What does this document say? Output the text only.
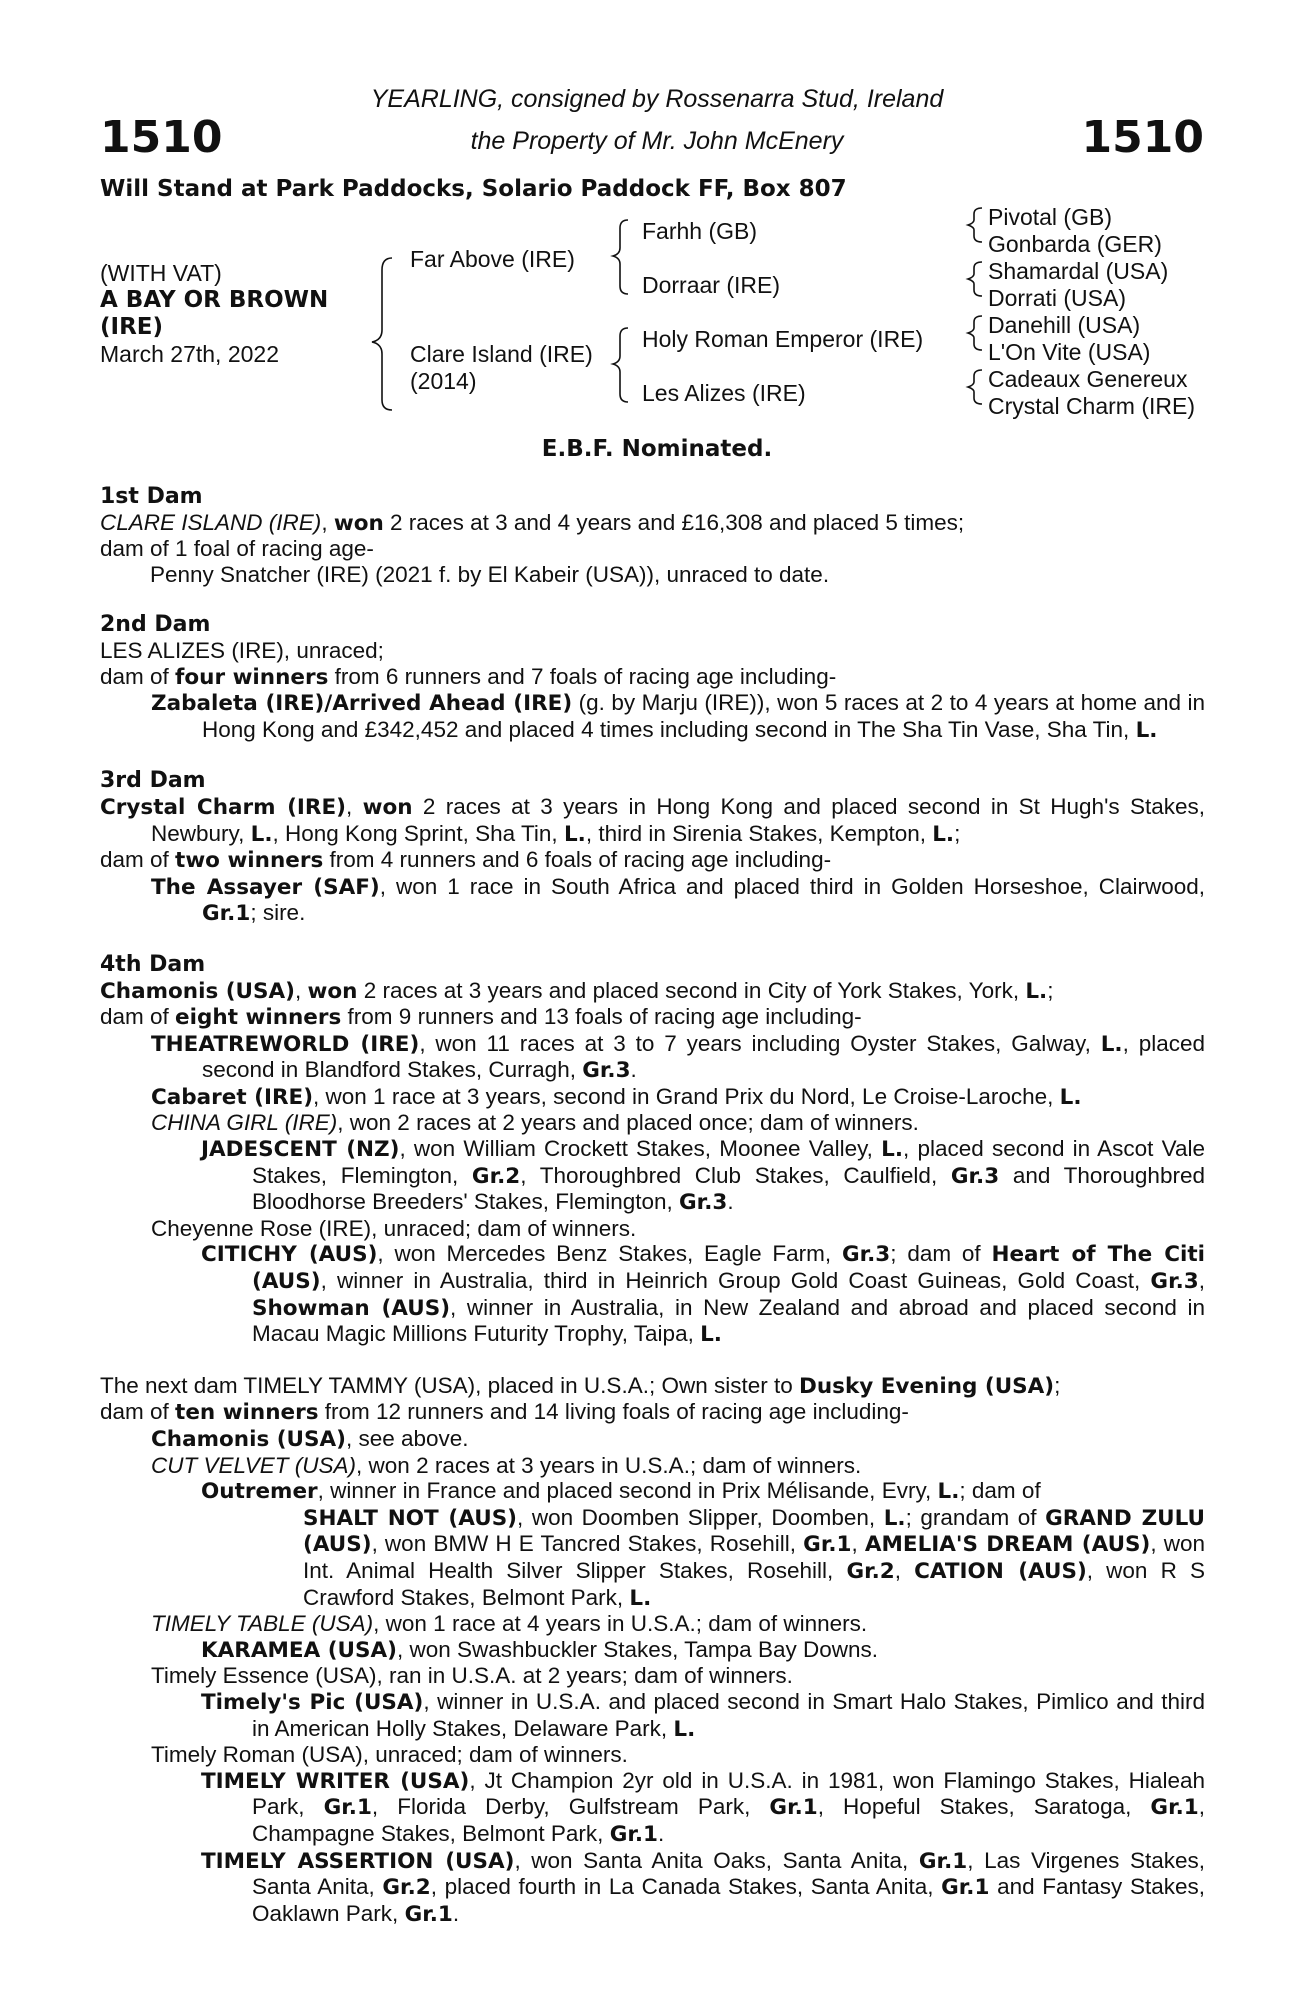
YEARLING, consigned by Rossenarra Stud, Ireland
1510	the Property of Mr. John McEnery	1510
Will Stand at Park Paddocks, Solario Paddock FF, Box 807
(WITH VAT)
A BAY OR BROWN
(IRE)
March 27th, 2022
Far Above (IRE)
Clare Island (IRE)
(2014)
Farhh (GB)
Dorraar (IRE)
Holy Roman Emperor (IRE)
Les Alizes (IRE)
Pivotal (GB)
Gonbarda (GER)
Shamardal (USA)
Dorrati (USA)
Danehill (USA)
L'On Vite (USA)
Cadeaux Genereux
Crystal Charm (IRE)
E.B.F. Nominated.

1st Dam

CLARE ISLAND (IRE), won 2 races at 3 and 4 years and £16,308 and placed 5 times;

dam of 1 foal of racing age-

Penny Snatcher (IRE) (2021 f. by El Kabeir (USA)), unraced to date.

2nd Dam

LES ALIZES (IRE), unraced;

dam of four winners from 6 runners and 7 foals of racing age including-

Zabaleta (IRE)/Arrived Ahead (IRE) (g. by Marju (IRE)), won 5 races at 2 to 4 years at home and in Hong Kong and £342,452 and placed 4 times including second in The Sha Tin Vase, Sha Tin, L.

3rd Dam

Crystal Charm (IRE), won 2 races at 3 years in Hong Kong and placed second in St Hugh's Stakes, Newbury, L., Hong Kong Sprint, Sha Tin, L., third in Sirenia Stakes, Kempton, L.;

dam of two winners from 4 runners and 6 foals of racing age including-

The Assayer (SAF), won 1 race in South Africa and placed third in Golden Horseshoe, Clairwood, Gr.1; sire.

4th Dam

Chamonis (USA), won 2 races at 3 years and placed second in City of York Stakes, York, L.;

dam of eight winners from 9 runners and 13 foals of racing age including-

THEATREWORLD (IRE), won 11 races at 3 to 7 years including Oyster Stakes, Galway, L., placed second in Blandford Stakes, Curragh, Gr.3.

Cabaret (IRE), won 1 race at 3 years, second in Grand Prix du Nord, Le Croise-Laroche, L.

CHINA GIRL (IRE), won 2 races at 2 years and placed once; dam of winners.

JADESCENT (NZ), won William Crockett Stakes, Moonee Valley, L., placed second in Ascot Vale Stakes, Flemington, Gr.2, Thoroughbred Club Stakes, Caulfield, Gr.3 and Thoroughbred Bloodhorse Breeders' Stakes, Flemington, Gr.3.

Cheyenne Rose (IRE), unraced; dam of winners.

CITICHY (AUS), won Mercedes Benz Stakes, Eagle Farm, Gr.3; dam of Heart of The Citi (AUS), winner in Australia, third in Heinrich Group Gold Coast Guineas, Gold Coast, Gr.3, Showman (AUS), winner in Australia, in New Zealand and abroad and placed second in Macau Magic Millions Futurity Trophy, Taipa, L.

The next dam TIMELY TAMMY (USA), placed in U.S.A.; Own sister to Dusky Evening (USA);

dam of ten winners from 12 runners and 14 living foals of racing age including-

Chamonis (USA), see above.

CUT VELVET (USA), won 2 races at 3 years in U.S.A.; dam of winners.

Outremer, winner in France and placed second in Prix Mélisande, Evry, L.; dam of

SHALT NOT (AUS), won Doomben Slipper, Doomben, L.; grandam of GRAND ZULU (AUS), won BMW H E Tancred Stakes, Rosehill, Gr.1, AMELIA'S DREAM (AUS), won Int. Animal Health Silver Slipper Stakes, Rosehill, Gr.2, CATION (AUS), won R S Crawford Stakes, Belmont Park, L.

TIMELY TABLE (USA), won 1 race at 4 years in U.S.A.; dam of winners.

KARAMEA (USA), won Swashbuckler Stakes, Tampa Bay Downs.

Timely Essence (USA), ran in U.S.A. at 2 years; dam of winners.

Timely's Pic (USA), winner in U.S.A. and placed second in Smart Halo Stakes, Pimlico and third in American Holly Stakes, Delaware Park, L.

Timely Roman (USA), unraced; dam of winners.

TIMELY WRITER (USA), Jt Champion 2yr old in U.S.A. in 1981, won Flamingo Stakes, Hialeah Park, Gr.1, Florida Derby, Gulfstream Park, Gr.1, Hopeful Stakes, Saratoga, Gr.1, Champagne Stakes, Belmont Park, Gr.1.

TIMELY ASSERTION (USA), won Santa Anita Oaks, Santa Anita, Gr.1, Las Virgenes Stakes, Santa Anita, Gr.2, placed fourth in La Canada Stakes, Santa Anita, Gr.1 and Fantasy Stakes, Oaklawn Park, Gr.1.
